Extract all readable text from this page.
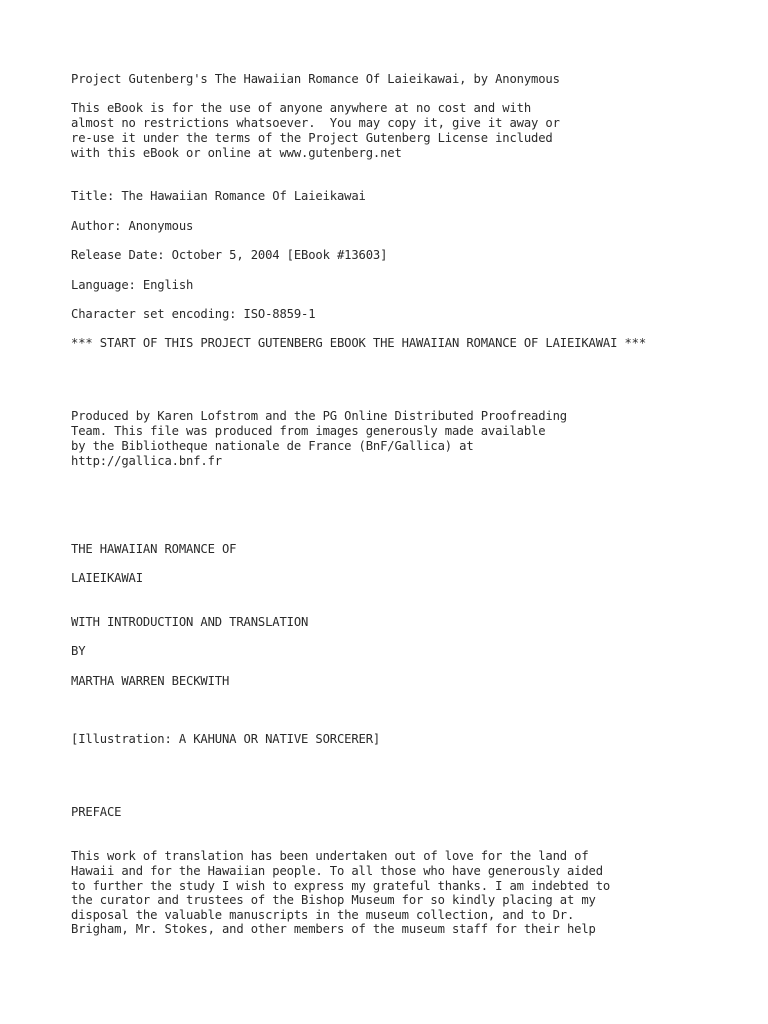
Project Gutenberg's The Hawaiian Romance Of Laieikawai, by Anonymous

This eBook is for the use of anyone anywhere at no cost and with

almost no restrictions whatsoever.  You may copy it, give it away or

re-use it under the terms of the Project Gutenberg License included

with this eBook or online at www.gutenberg.net

Title: The Hawaiian Romance Of Laieikawai

Author: Anonymous

Release Date: October 5, 2004 [EBook #13603]

Language: English

Character set encoding: ISO-8859-1

*** START OF THIS PROJECT GUTENBERG EBOOK THE HAWAIIAN ROMANCE OF LAIEIKAWAI ***

Produced by Karen Lofstrom and the PG Online Distributed Proofreading

Team. This file was produced from images generously made available

by the Bibliotheque nationale de France (BnF/Gallica) at

http://gallica.bnf.fr

THE HAWAIIAN ROMANCE OF

LAIEIKAWAI

WITH INTRODUCTION AND TRANSLATION

BY

MARTHA WARREN BECKWITH

[Illustration: A KAHUNA OR NATIVE SORCERER]

PREFACE

This work of translation has been undertaken out of love for the land of

Hawaii and for the Hawaiian people. To all those who have generously aided

to further the study I wish to express my grateful thanks. I am indebted to

the curator and trustees of the Bishop Museum for so kindly placing at my

disposal the valuable manuscripts in the museum collection, and to Dr.

Brigham, Mr. Stokes, and other members of the museum staff for their help
